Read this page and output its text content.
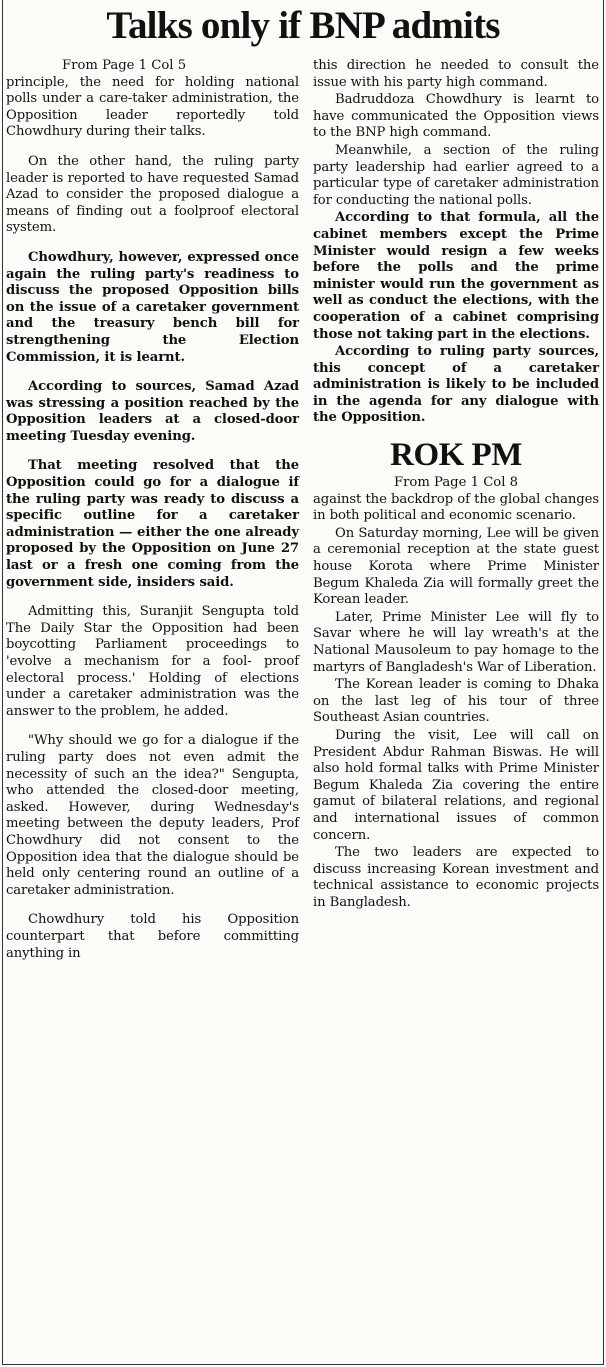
Talks only if BNP admits
From Page 1 Col 5

principle, the need for holding national polls under a care-taker administration, the Opposition leader reportedly told Chowdhury during their talks.

On the other hand, the ruling party leader is reported to have requested Samad Azad to consider the proposed dialogue a means of finding out a foolproof electoral system.

Chowdhury, however, expressed once again the ruling party's readiness to discuss the proposed Opposition bills on the issue of a caretaker government and the treasury bench bill for strengthening the Election Commission, it is learnt.

According to sources, Samad Azad was stressing a position reached by the Opposition leaders at a closed-door meeting Tuesday evening.

That meeting resolved that the Opposition could go for a dialogue if the ruling party was ready to discuss a specific outline for a caretaker administration — either the one already proposed by the Opposition on June 27 last or a fresh one coming from the government side, insiders said.

Admitting this, Suranjit Sengupta told The Daily Star the Opposition had been boycotting Parliament proceedings to 'evolve a mechanism for a fool- proof electoral process.' Holding of elections under a caretaker administration was the answer to the problem, he added.

"Why should we go for a dialogue if the ruling party does not even admit the necessity of such an the idea?" Sengupta, who attended the closed-door meeting, asked. However, during Wednesday's meeting between the deputy leaders, Prof Chowdhury did not consent to the Opposition idea that the dialogue should be held only centering round an outline of a caretaker administration.

Chowdhury told his Opposition counterpart that before committing anything in

this direction he needed to consult the issue with his party high command.

Badruddoza Chowdhury is learnt to have communicated the Opposition views to the BNP high command.

Meanwhile, a section of the ruling party leadership had earlier agreed to a particular type of caretaker administration for conducting the national polls.

According to that formula, all the cabinet members except the Prime Minister would resign a few weeks before the polls and the prime minister would run the government as well as conduct the elections, with the cooperation of a cabinet comprising those not taking part in the elections.

According to ruling party sources, this concept of a caretaker administration is likely to be included in the agenda for any dialogue with the Opposition.

ROK PM
From Page 1 Col 8

against the backdrop of the global changes in both political and economic scenario.

On Saturday morning, Lee will be given a ceremonial reception at the state guest house Korota where Prime Minister Begum Khaleda Zia will formally greet the Korean leader.

Later, Prime Minister Lee will fly to Savar where he will lay wreath's at the National Mausoleum to pay homage to the martyrs of Bangladesh's War of Liberation.

The Korean leader is coming to Dhaka on the last leg of his tour of three Southeast Asian countries.

During the visit, Lee will call on President Abdur Rahman Biswas. He will also hold formal talks with Prime Minister Begum Khaleda Zia covering the entire gamut of bilateral relations, and regional and international issues of common concern.

The two leaders are expected to discuss increasing Korean investment and technical assistance to economic projects in Bangladesh.
